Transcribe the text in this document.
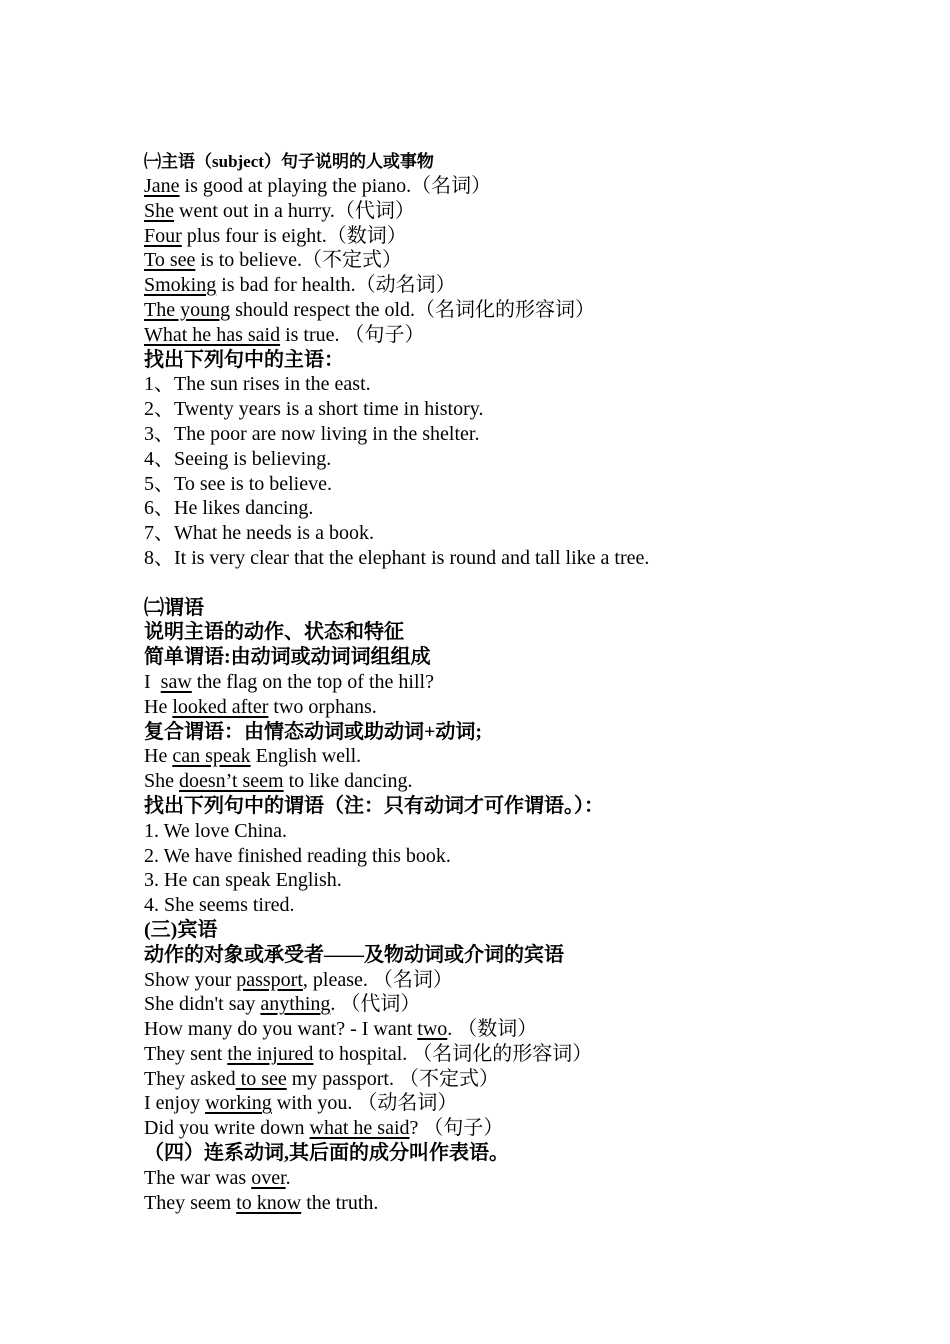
㈠主语（subject）句子说明的人或事物
Jane is good at playing the piano.（名词）
She went out in a hurry.（代词）
Four plus four is eight.（数词）
To see is to believe.（不定式）
Smoking is bad for health.（动名词）
The young should respect the old.（名词化的形容词）
What he has said is true. （句子）
找出下列句中的主语：
1、The sun rises in the east.
2、Twenty years is a short time in history.
3、The poor are now living in the shelter.
4、Seeing is believing.
5、To see is to believe.
6、He likes dancing.
7、What he needs is a book.
8、It is very clear that the elephant is round and tall like a tree.
㈡谓语
说明主语的动作、状态和特征
简单谓语:由动词或动词词组组成
I  saw the flag on the top of the hill?
He looked after two orphans.
复合谓语：由情态动词或助动词+动词;
He can speak English well.
She doesn’t seem to like dancing.
找出下列句中的谓语（注：只有动词才可作谓语。）：
1. We love China.
2. We have finished reading this book.
3. He can speak English.
4. She seems tired.
(三)宾语
动作的对象或承受者——及物动词或介词的宾语
Show your passport, please. （名词）
She didn't say anything. （代词）
How many do you want? - I want two. （数词）
They sent the injured to hospital. （名词化的形容词）
They asked to see my passport. （不定式）
I enjoy working with you. （动名词）
Did you write down what he said? （句子）
（四）连系动词,其后面的成分叫作表语。
The war was over.
They seem to know the truth.
